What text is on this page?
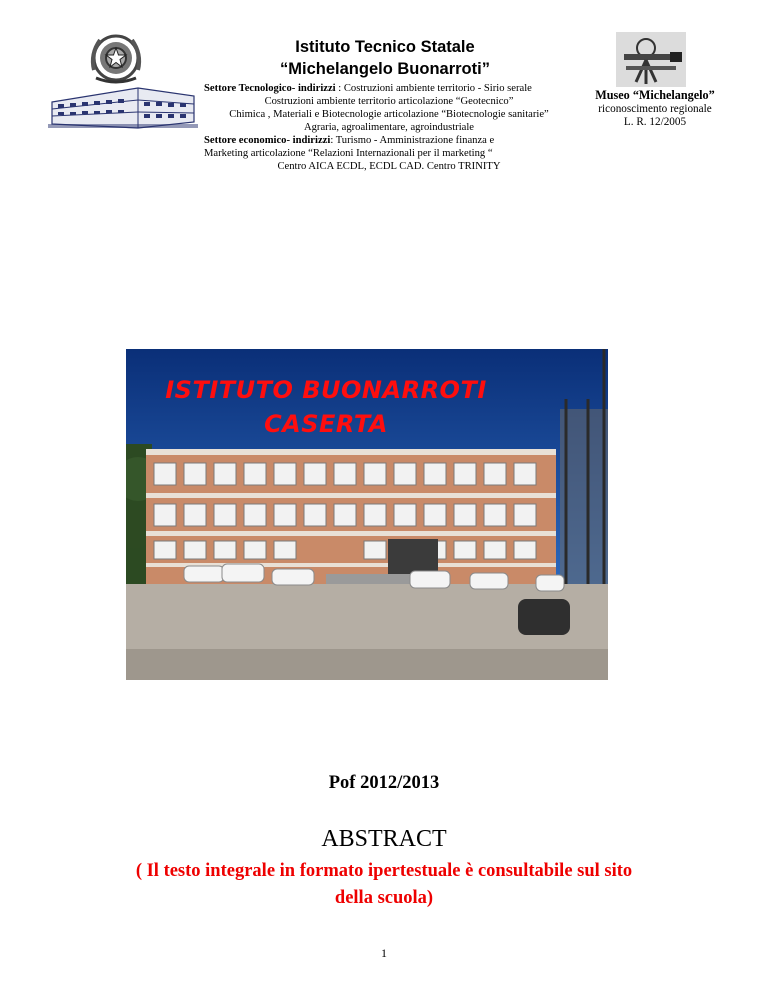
Istituto Tecnico Statale
“Michelangelo Buonarroti”
Settore Tecnologico- indirizzi : Costruzioni ambiente territorio - Sirio serale
Costruzioni ambiente territorio articolazione “Geotecnico”
Chimica , Materiali e Biotecnologie articolazione “Biotecnologie sanitarie”
Agraria, agroalimentare, agroindustriale
Settore economico- indirizzi: Turismo - Amministrazione finanza e
Marketing articolazione “Relazioni Internazionali per il marketing “
Centro AICA ECDL, ECDL CAD. Centro TRINITY
Museo “Michelangelo”
riconoscimento regionale
L. R. 12/2005
ISTITUTO BUONARROTI
CASERTA
Pof 2012/2013
ABSTRACT
( Il testo integrale in formato ipertestuale è consultabile sul sito
della scuola)
1
